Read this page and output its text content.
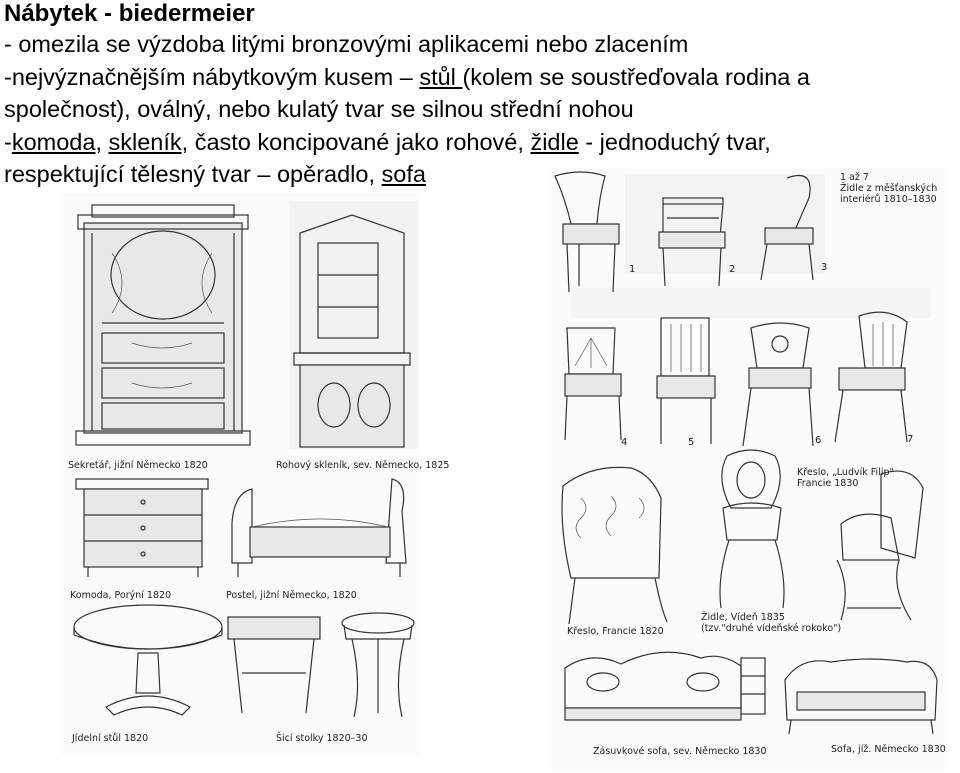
Nábytek - biedermeier

- omezila se výzdoba litými bronzovými aplikacemi nebo zlacením

-nejvýznačnějším nábytkovým kusem – stůl (kolem se soustřeďovala rodina a

společnost), oválný, nebo kulatý tvar se silnou střední nohou

-komoda, skleník, často koncipované jako rohové, židle - jednoduchý tvar,

respektující tělesný tvar – opěradlo, sofa

Sekretář, jižní Německo 1820	Rohový skleník, sev. Německo, 1825
Komoda, Porýní 1820	Postel, jižní Německo, 1820
Jídelní stůl 1820	Šicí stolky 1820–30
1 až 7
Židle z měšťanských
interiérů 1810–1830
1	2	3
4	5	6	7
Křeslo, „Ludvík Filip"
Francie 1830
Křeslo, Francie 1820
Židle, Vídeň 1835
(tzv."druhé vídeňské rokoko")
Zásuvkové sofa, sev. Německo 1830	Sofa, jíž. Německo 1830
